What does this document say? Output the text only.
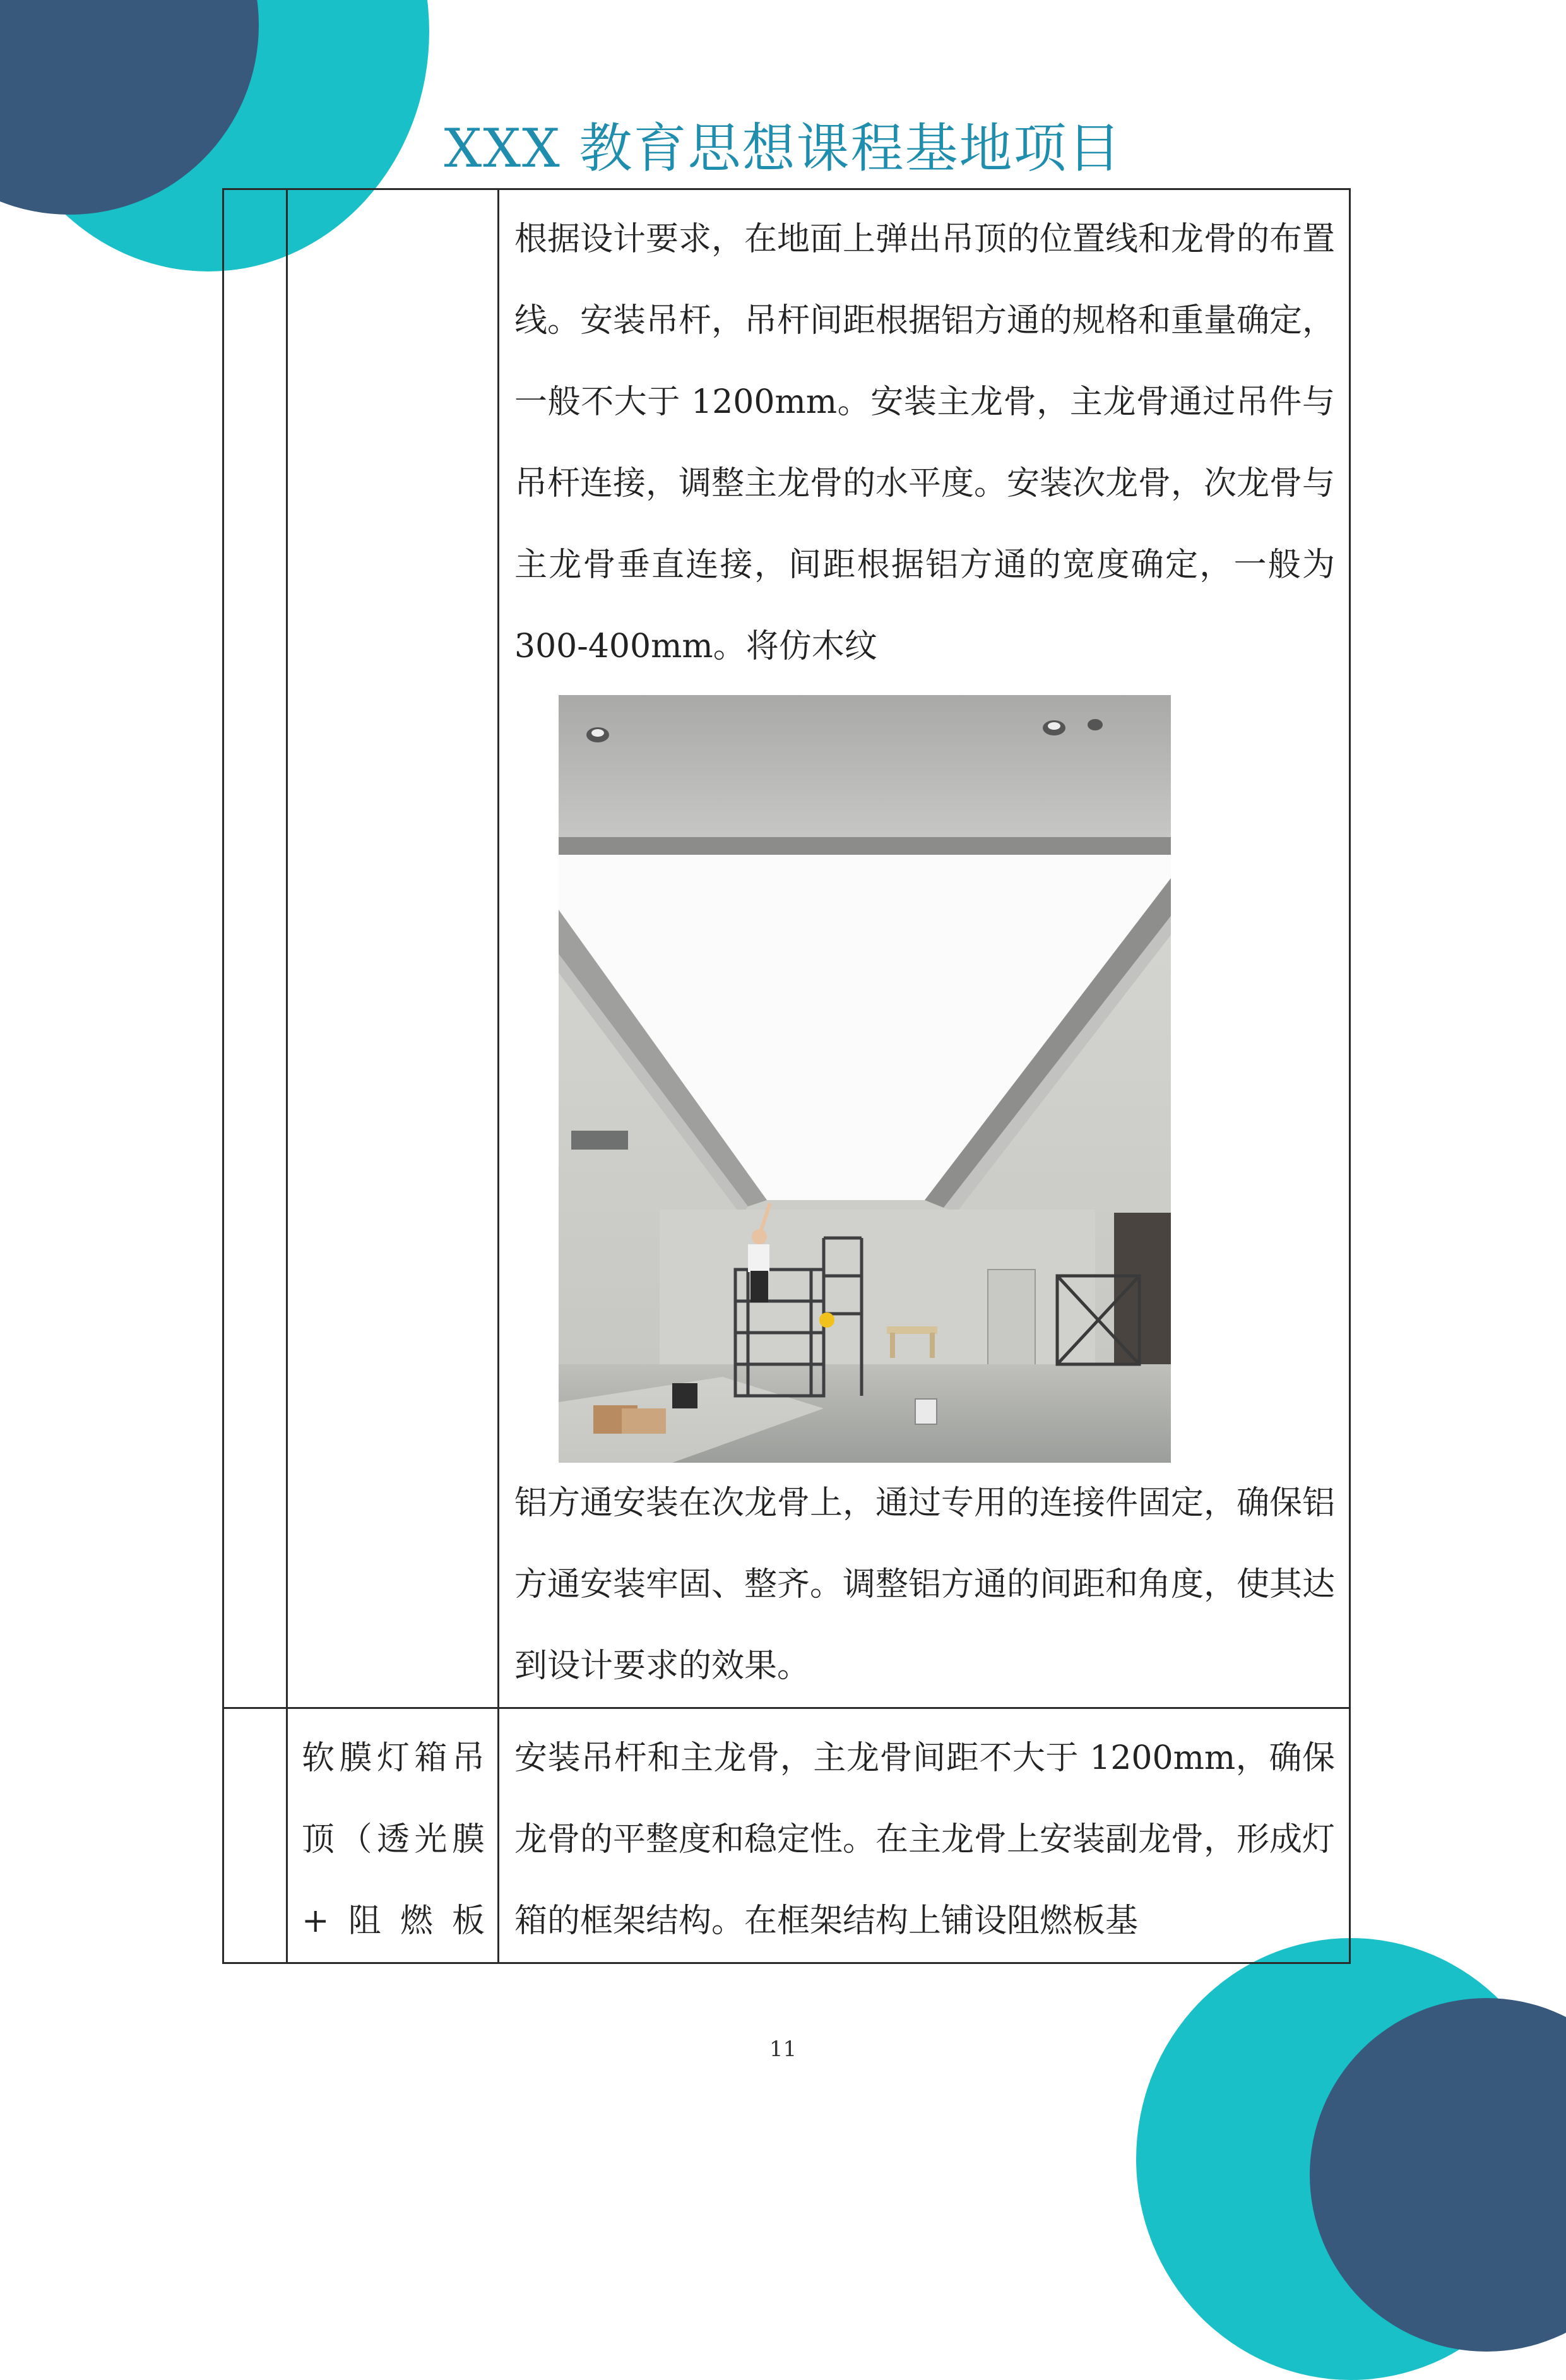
XXX 教育思想课程基地项目

		根据设计要求，在地面上弹出吊顶的位置线和龙骨的布置线。安装吊杆，吊杆间距根据铝方通的规格和重量确定，一般不大于 1200mm。安装主龙骨，主龙骨通过吊件与吊杆连接，调整主龙骨的水平度。安装次龙骨，次龙骨与主龙骨垂直连接，间距根据铝方通的宽度确定，一般为 300-400mm。将仿木纹

铝方通安装在次龙骨上，通过专用的连接件固定，确保铝方通安装牢固、整齐。调整铝方通的间距和角度，使其达到设计要求的效果。

	软膜灯箱吊顶（透光膜+阻燃板	安装吊杆和主龙骨，主龙骨间距不大于 1200mm，确保龙骨的平整度和稳定性。在主龙骨上安装副龙骨，形成灯箱的框架结构。在框架结构上铺设阻燃板基

11
